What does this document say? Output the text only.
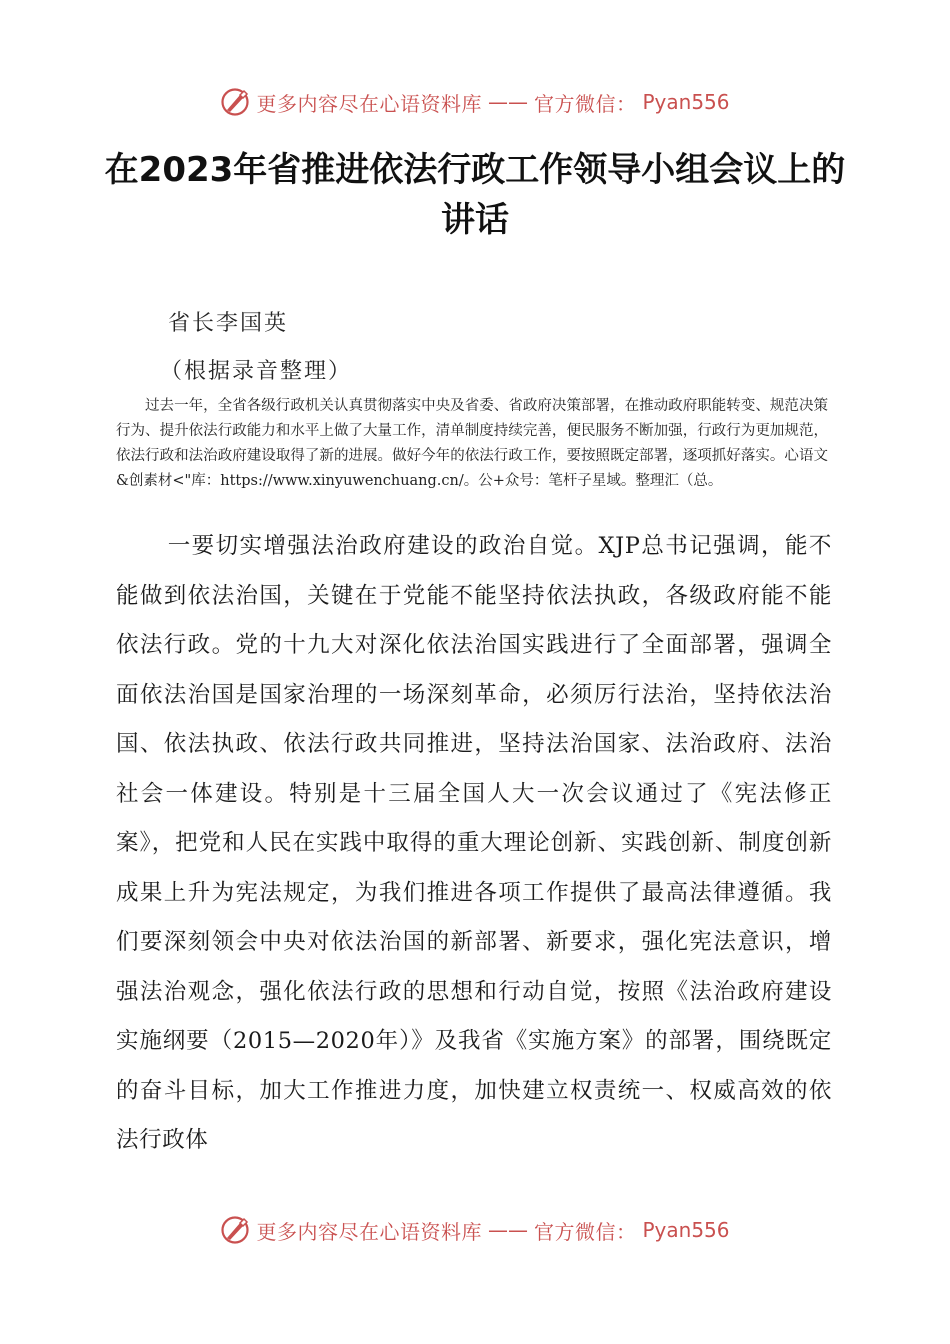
更多内容尽在心语资料库 —— 官方微信： Pyan556
在2023年省推进依法行政工作领导小组会议上的讲话
省长李国英
（根据录音整理）

过去一年，全省各级行政机关认真贯彻落实中央及省委、省政府决策部署，在推动政府职能转变、规范决策行为、提升依法行政能力和水平上做了大量工作，清单制度持续完善，便民服务不断加强，行政行为更加规范，依法行政和法治政府建设取得了新的进展。做好今年的依法行政工作，要按照既定部署，逐项抓好落实。心语文&创素材<"库：https://www.xinyuwenchuang.cn/。公+众号：笔杆子星域。整理汇（总。

一要切实增强法治政府建设的政治自觉。XJP总书记强调，能不能做到依法治国，关键在于党能不能坚持依法执政，各级政府能不能依法行政。党的十九大对深化依法治国实践进行了全面部署，强调全面依法治国是国家治理的一场深刻革命，必须厉行法治，坚持依法治国、依法执政、依法行政共同推进，坚持法治国家、法治政府、法治社会一体建设。特别是十三届全国人大一次会议通过了《宪法修正案》，把党和人民在实践中取得的重大理论创新、实践创新、制度创新成果上升为宪法规定，为我们推进各项工作提供了最高法律遵循。我们要深刻领会中央对依法治国的新部署、新要求，强化宪法意识，增强法治观念，强化依法行政的思想和行动自觉，按照《法治政府建设实施纲要（2015—2020年）》及我省《实施方案》的部署，围绕既定的奋斗目标，加大工作推进力度，加快建立权责统一、权威高效的依法行政体

更多内容尽在心语资料库 —— 官方微信： Pyan556
